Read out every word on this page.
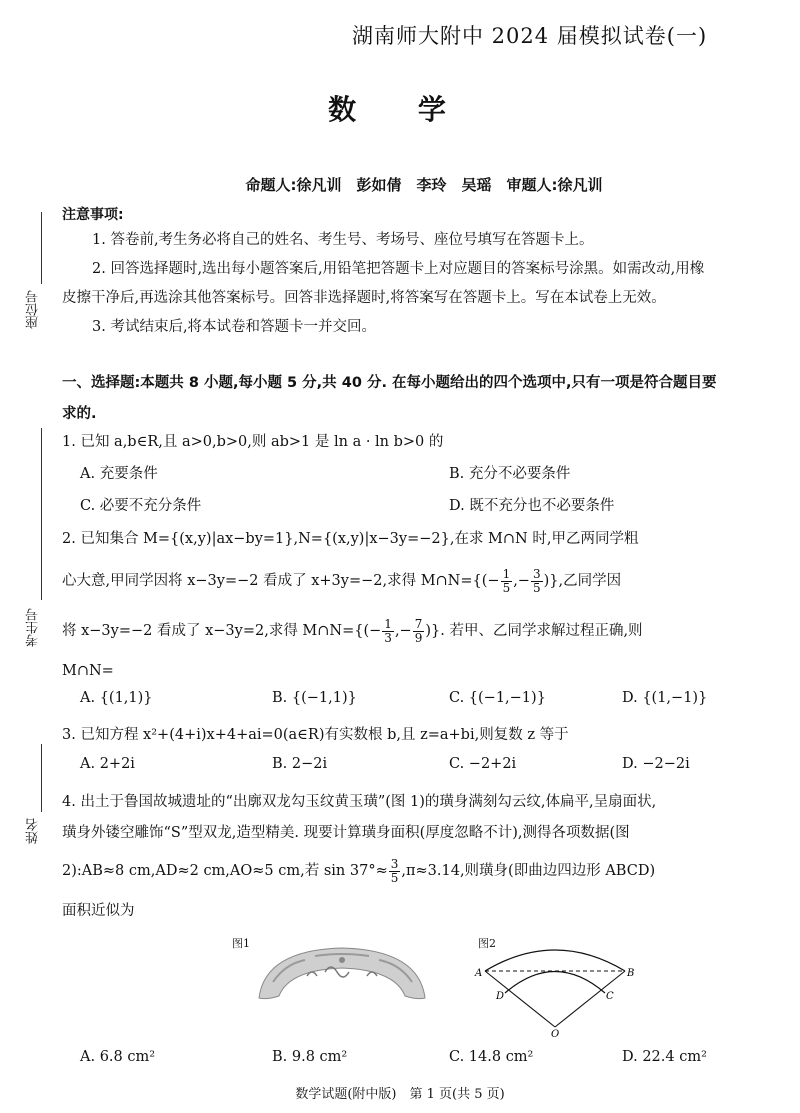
湖南师大附中 2024 届模拟试卷(一)
数 学
命题人:徐凡训　彭如倩　李玲　吴瑶　审题人:徐凡训
座位号
考生号
姓名
注意事项:
1. 答卷前,考生务必将自己的姓名、考生号、考场号、座位号填写在答题卡上。
2. 回答选择题时,选出每小题答案后,用铅笔把答题卡上对应题目的答案标号涂黑。如需改动,用橡
皮擦干净后,再选涂其他答案标号。回答非选择题时,将答案写在答题卡上。写在本试卷上无效。
3. 考试结束后,将本试卷和答题卡一并交回。
一、选择题:本题共 8 小题,每小题 5 分,共 40 分. 在每小题给出的四个选项中,只有一项是符合题目要
求的.
1. 已知 a,b∈R,且 a>0,b>0,则 ab>1 是 ln a · ln b>0 的
A. 充要条件	B. 充分不必要条件
C. 必要不充分条件	D. 既不充分也不必要条件
2. 已知集合 M={(x,y)|ax−by=1},N={(x,y)|x−3y=−2},在求 M∩N 时,甲乙两同学粗
心大意,甲同学因将 x−3y=−2 看成了 x+3y=−2,求得 M∩N={(− $\frac{1}{5}$ ,− $\frac{3}{5}$ )},乙同学因
将 x−3y=−2 看成了 x−3y=2,求得 M∩N={(− $\frac{1}{3}$ ,− $\frac{7}{9}$ )}. 若甲、乙同学求解过程正确,则
M∩N=
A. {(1,1)}	B. {(−1,1)}	C. {(−1,−1)}	D. {(1,−1)}
3. 已知方程 x²+(4+i)x+4+ai=0(a∈R)有实数根 b,且 z=a+bi,则复数 z 等于
A. 2+2i	B. 2−2i	C. −2+2i	D. −2−2i
4. 出土于鲁国故城遗址的“出廓双龙勾玉纹黄玉璜”(图 1)的璜身满刻勾云纹,体扁平,呈扇面状,
璜身外镂空雕饰“S”型双龙,造型精美. 现要计算璜身面积(厚度忽略不计),测得各项数据(图
2):AB≈8 cm,AD≈2 cm,AO≈5 cm,若 $\sin 37^\circ\approx \frac{3}{5} ,\pi\approx 3.14$,则璜身(即曲边四边形 ABCD)
面积近似为
图1	图2
A	B
C
D
O
A. 6.8 cm²	B. 9.8 cm²	C. 14.8 cm²	D. 22.4 cm²
数学试题(附中版)　第 1 页(共 5 页)
